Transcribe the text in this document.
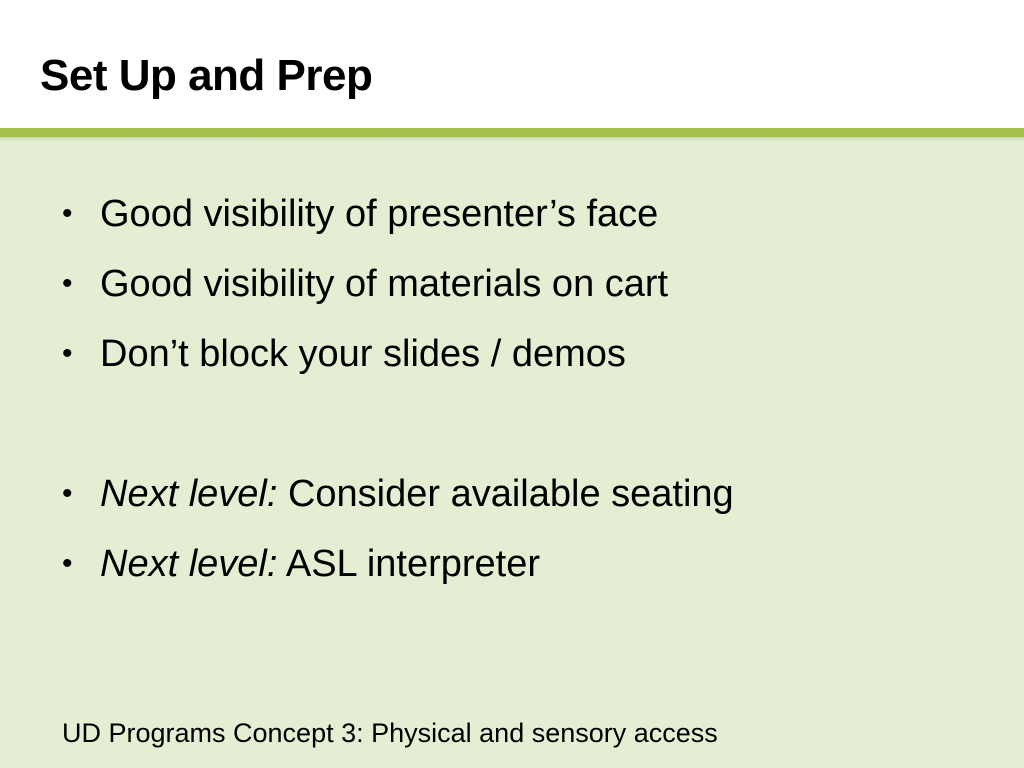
Set Up and Prep
• Good visibility of presenter’s face
• Good visibility of materials on cart
• Don’t block your slides / demos
• Next level: Consider available seating
• Next level: ASL interpreter
UD Programs Concept 3: Physical and sensory access
